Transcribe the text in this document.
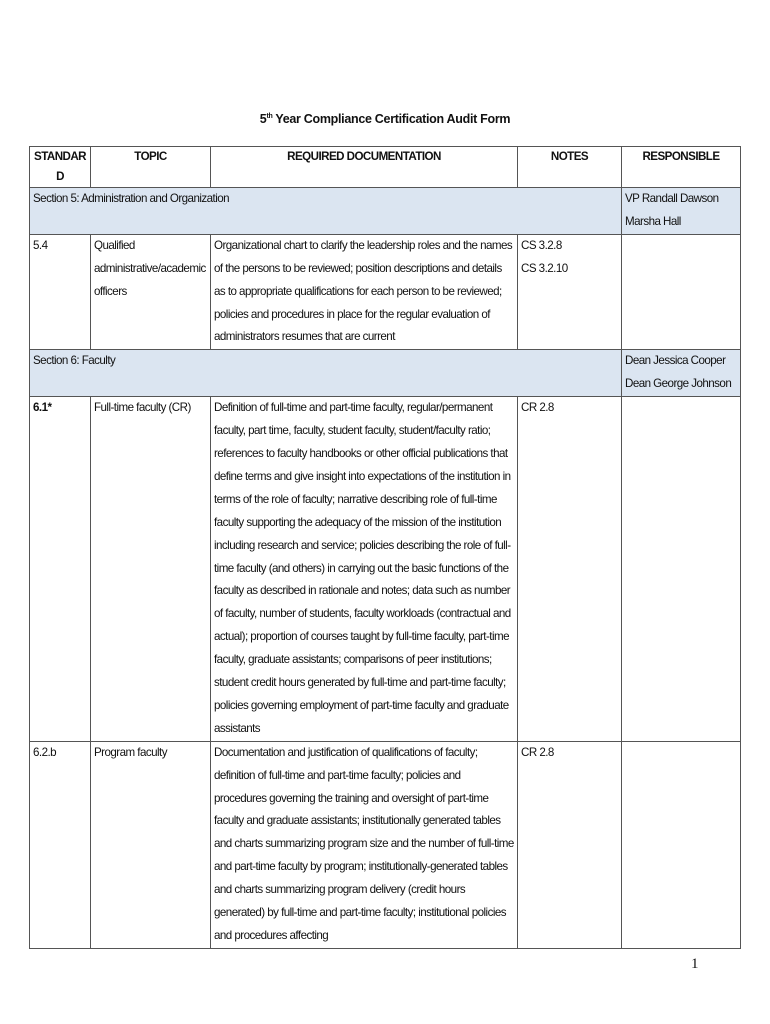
5th Year Compliance Certification Audit Form
STANDARD	TOPIC	REQUIRED DOCUMENTATION	NOTES	RESPONSIBLE
Section 5: Administration and Organization				VP Randall Dawson
Marsha Hall

5.4	Qualified administrative/academic officers	Organizational chart to clarify the leadership roles and the names of the persons to be reviewed; position descriptions and details as to appropriate qualifications for each person to be reviewed; policies and procedures in place for the regular evaluation of administrators resumes that are current	CS 3.2.8
CS 3.2.10	

Section 6: Faculty				Dean Jessica Cooper
Dean George Johnson

6.1*	Full-time faculty (CR)	Definition of full-time and part-time faculty, regular/permanent faculty, part time, faculty, student faculty, student/faculty ratio; references to faculty handbooks or other official publications that define terms and give insight into expectations of the institution in terms of the role of faculty; narrative describing role of full-time faculty supporting the adequacy of the mission of the institution including research and service; policies describing the role of full-time faculty (and others) in carrying out the basic functions of the faculty as described in rationale and notes; data such as number of faculty, number of students, faculty workloads (contractual and actual); proportion of courses taught by full-time faculty, part-time faculty, graduate assistants; comparisons of peer institutions; student credit hours generated by full-time and part-time faculty; policies governing employment of part-time faculty and graduate assistants	CR 2.8	

6.2.b	Program faculty	Documentation and justification of qualifications of faculty; definition of full-time and part-time faculty; policies and procedures governing the training and oversight of part-time faculty and graduate assistants; institutionally generated tables and charts summarizing program size and the number of full-time and part-time faculty by program; institutionally-generated tables and charts summarizing program delivery (credit hours generated) by full-time and part-time faculty; institutional policies and procedures affecting	CR 2.8	

1
